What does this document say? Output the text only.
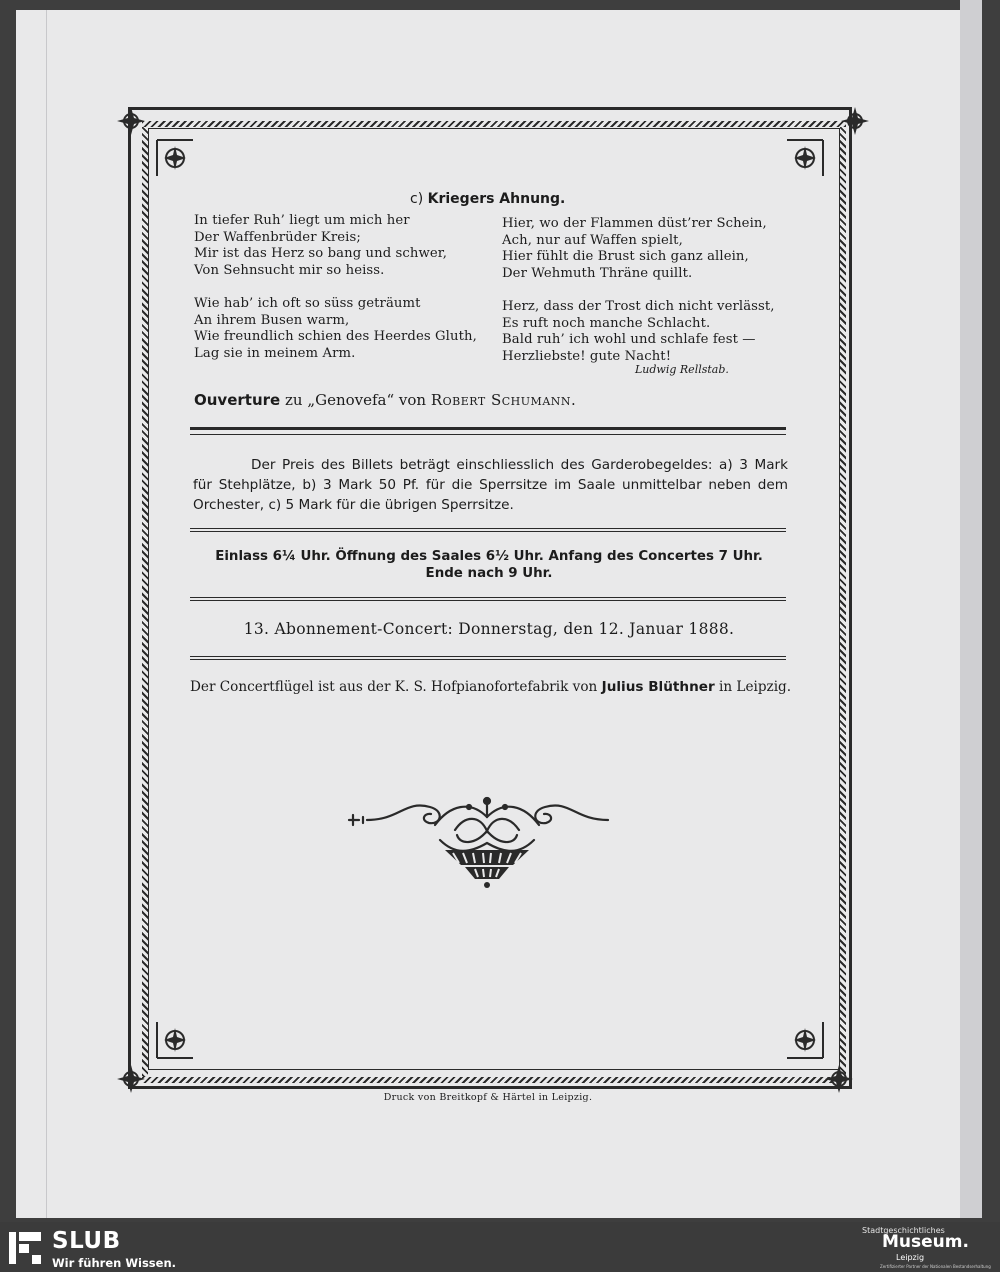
c) Kriegers Ahnung.
In tiefer Ruh’ liegt um mich her
Der Waffenbrüder Kreis;
Mir ist das Herz so bang und schwer,
Von Sehnsucht mir so heiss.
Wie hab’ ich oft so süss geträumt
An ihrem Busen warm,
Wie freundlich schien des Heerdes Gluth,
Lag sie in meinem Arm.
Hier, wo der Flammen düst’rer Schein,
Ach, nur auf Waffen spielt,
Hier fühlt die Brust sich ganz allein,
Der Wehmuth Thräne quillt.
Herz, dass der Trost dich nicht verlässt,
Es ruft noch manche Schlacht.
Bald ruh’ ich wohl und schlafe fest —
Herzliebste! gute Nacht!
Ludwig Rellstab.
Ouverture zu „Genovefa“ von Robert Schumann.
Der Preis des Billets beträgt einschliesslich des Garderobegeldes: a) 3 Mark für Stehplätze, b) 3 Mark 50 Pf. für die Sperrsitze im Saale unmittelbar neben dem Orchester, c) 5 Mark für die übrigen Sperrsitze.
Einlass 6¼ Uhr. Öffnung des Saales 6½ Uhr. Anfang des Concertes 7 Uhr.
Ende nach 9 Uhr.
13. Abonnement-Concert: Donnerstag, den 12. Januar 1888.
Der Concertflügel ist aus der K. S. Hofpianofortefabrik von Julius Blüthner in Leipzig.
Druck von Breitkopf & Härtel in Leipzig.
SLUB
Wir führen Wissen.
Stadtgeschichtliches
Museum.
Leipzig
Zertifizierter Partner der Nationalen Bestandserhaltung
